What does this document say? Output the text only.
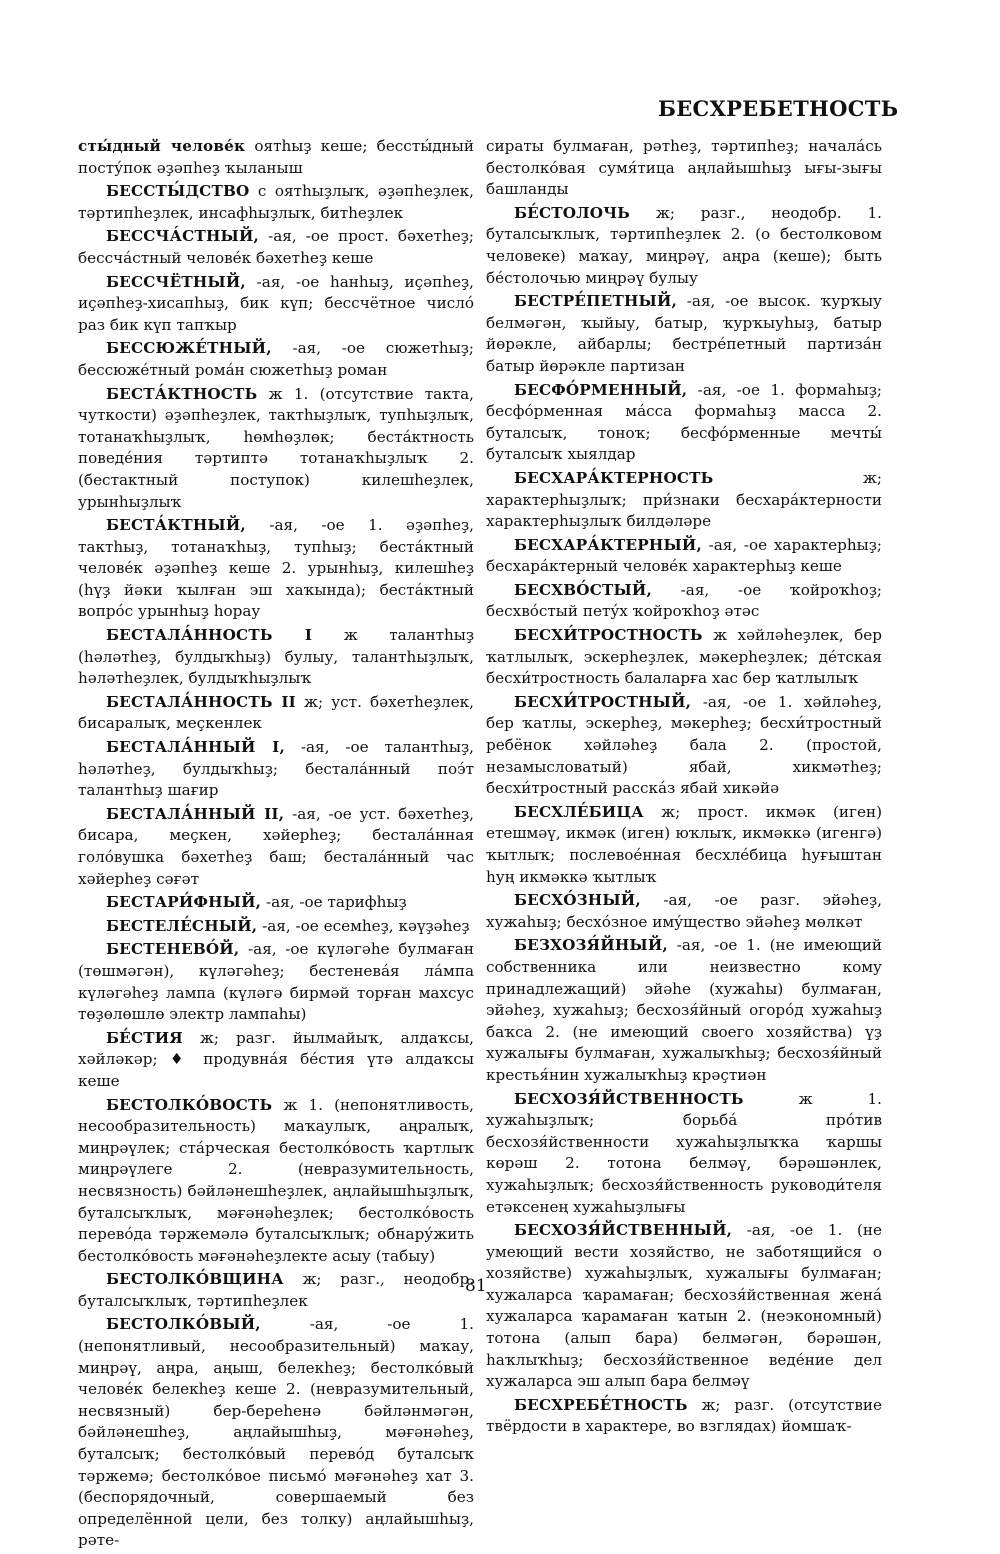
БЕСХРЕБЕТНОСТЬ

сты́дный челове́к оятһыҙ кеше; бессты́дный посту́пок әҙәпһеҙ ҡыланыш

БЕССТЫ́ДСТВО с оятһыҙлыҡ, әҙәпһеҙлек, тәртипһеҙлек, инсафһыҙлыҡ, битһеҙлек

БЕССЧА́СТНЫЙ, -ая, -ое прост. бәхетһеҙ; бессча́стный челове́к бәхетһеҙ кеше

БЕССЧЁТНЫЙ, -ая, -ое һанһыҙ, иҫәпһеҙ, иҫәпһеҙ-хисапһыҙ, бик күп; бессчётное число́ раз бик күп тапҡыр

БЕССЮЖЕ́ТНЫЙ, -ая, -ое сюжетһыҙ; бессюже́тный рома́н сюжетһыҙ роман

БЕСТА́КТНОСТЬ ж 1. (отсутствие такта, чуткости) әҙәпһеҙлек, тактһыҙлыҡ, тупһыҙлыҡ, тотанаҡһыҙлыҡ, һөмһөҙлөк; беста́ктность поведе́ния тәртиптә тотанаҡһыҙлыҡ 2. (бестактный поступок) килешһеҙлек, урынһыҙлыҡ

БЕСТА́КТНЫЙ, -ая, -ое 1. әҙәпһеҙ, тактһыҙ, тотанаҡһыҙ, тупһыҙ; беста́ктный челове́к әҙәпһеҙ кеше 2. урынһыҙ, килешһеҙ (һүҙ йәки ҡылған эш хаҡында); беста́ктный вопро́с урынһыҙ һорау

БЕСТАЛА́ННОСТЬ I ж талантһыҙ (һәләтһеҙ, булдыҡһыҙ) булыу, талантһыҙлыҡ, һәләтһеҙлек, булдыҡһыҙлыҡ

БЕСТАЛА́ННОСТЬ II ж; уст. бәхетһеҙлек, бисаралыҡ, меҫкенлек

БЕСТАЛА́ННЫЙ I, -ая, -ое талантһыҙ, һәләтһеҙ, булдыҡһыҙ; бестала́нный поэ́т талантһыҙ шағир

БЕСТАЛА́ННЫЙ II, -ая, -ое уст. бәхетһеҙ, бисара, меҫкен, хәйерһеҙ; бестала́нная голо́вушка бәхетһеҙ баш; бестала́нный час хәйерһеҙ сәғәт

БЕСТАРИ́ФНЫЙ, -ая, -ое тарифһыҙ

БЕСТЕЛЕ́СНЫЙ, -ая, -ое есемһеҙ, кәүҙәһеҙ

БЕСТЕНЕВО́Й, -ая, -ое күләгәһе булмаған (төшмәгән), күләгәһеҙ; бестенева́я ла́мпа күләгәһеҙ лампа (күләгә бирмәй торған махсус төҙөлөшлө электр лампаһы)

БЕ́СТИЯ ж; разг. йылмайыҡ, алдаҡсы, хәйләкәр; ♦ продувна́я бе́стия үтә алдаҡсы кеше

БЕСТОЛКО́ВОСТЬ ж 1. (непонятливость, несообразительность) маҡаулыҡ, аңралыҡ, миңрәүлек; ста́рческая бестолко́вость ҡартлыҡ миңрәүлеге 2. (невразумительность, несвязность) бәйләнешһеҙлек, аңлайышһыҙлыҡ, буталсыҡлыҡ, мәғәнәһеҙлек; бестолко́вость перево́да тәржемәлә буталсыҡлыҡ; обнару́жить бестолко́вость мәғәнәһеҙлекте асыу (табыу)

БЕСТОЛКО́ВЩИНА ж; разг., неодобр. буталсыҡлыҡ, тәртипһеҙлек

БЕСТОЛКО́ВЫЙ, -ая, -ое 1. (непонятливый, несообразительный) маҡау, миңрәү, аңра, аңыш, белекһеҙ; бестолко́вый челове́к белекһеҙ кеше 2. (невразумительный, несвязный) бер-береһенә бәйләнмәгән, бәйләнешһеҙ, аңлайышһыҙ, мәғәнәһеҙ, буталсыҡ; бестолко́вый перево́д буталсыҡ тәржемә; бестолко́вое письмо́ мәғәнәһеҙ хат 3. (беспорядочный, совершаемый без определённой цели, без толку) аңлайышһыҙ, рәте-

сираты булмаған, рәтһеҙ, тәртипһеҙ; начала́сь бестолко́вая сумя́тица аңлайышһыҙ ығы-зығы башланды

БЕ́СТОЛОЧЬ ж; разг., неодобр. 1. буталсыҡлыҡ, тәртипһеҙлек 2. (о бестолковом человеке) маҡау, миңрәү, аңра (кеше); быть бе́столочью миңрәү булыу

БЕСТРЕ́ПЕТНЫЙ, -ая, -ое высок. ҡурҡыу белмәгән, ҡыйыу, батыр, ҡурҡыуһыҙ, батыр йөрәкле, айбарлы; бестре́петный партиза́н батыр йөрәкле партизан

БЕСФО́РМЕННЫЙ, -ая, -ое 1. формаһыҙ; бесфо́рменная ма́сса формаһыҙ масса 2. буталсыҡ, тоноҡ; бесфо́рменные мечты́ буталсыҡ хыялдар

БЕСХАРА́КТЕРНОСТЬ ж; характерһыҙлыҡ; при́знаки бесхара́ктерности характерһыҙлыҡ билдәләре

БЕСХАРА́КТЕРНЫЙ, -ая, -ое характерһыҙ; бесхара́ктерный челове́к характерһыҙ кеше

БЕСХВО́СТЫЙ, -ая, -ое ҡойроҡһоҙ; бесхво́стый пету́х ҡойроҡһоҙ әтәс

БЕСХИ́ТРОСТНОСТЬ ж хәйләһеҙлек, бер ҡатлылыҡ, эскерһеҙлек, мәкерһеҙлек; де́тская бесхи́тростность балаларға хас бер ҡатлылыҡ

БЕСХИ́ТРОСТНЫЙ, -ая, -ое 1. хәйләһеҙ, бер ҡатлы, эскерһеҙ, мәкерһеҙ; бесхи́тростный ребёнок хәйләһеҙ бала 2. (простой, незамысловатый) ябай, хикмәтһеҙ; бесхи́тростный расска́з ябай хикәйә

БЕСХЛЕ́БИЦА ж; прост. икмәк (иген) етешмәү, икмәк (иген) юҡлыҡ, икмәккә (игенгә) ҡытлыҡ; послевое́нная бесхле́бица һуғыштан һуң икмәккә ҡытлыҡ

БЕСХО́ЗНЫЙ, -ая, -ое разг. эйәһеҙ, хужаһыҙ; бесхо́зное иму́щество эйәһеҙ мөлкәт

БЕЗХОЗЯ́ЙНЫЙ, -ая, -ое 1. (не имеющий собственника или неизвестно кому принадлежащий) эйәһе (хужаһы) булмаған, эйәһеҙ, хужаһыҙ; бесхозя́йный огоро́д хужаһыҙ баҡса 2. (не имеющий своего хозяйства) үҙ хужалығы булмаған, хужалыҡһыҙ; бесхозя́йный крестья́нин хужалыҡһыҙ крәҫтиән

БЕСХОЗЯ́ЙСТВЕННОСТЬ ж 1. хужаһыҙлыҡ; борьба́ про́тив бесхозя́йственности хужаһыҙлыҡҡа ҡаршы көрәш 2. тотона белмәү, бәрәшәнлек, хужаһыҙлыҡ; бесхозя́йственность руководи́теля етәксенең хужаһыҙлығы

БЕСХОЗЯ́ЙСТВЕННЫЙ, -ая, -ое 1. (не умеющий вести хозяйство, не заботящийся о хозяйстве) хужаһыҙлыҡ, хужалығы булмаған; хужаларса ҡарамаған; бесхозя́йственная жена́ хужаларса ҡарамаған ҡатын 2. (неэкономный) тотона (алып бара) белмәгән, бәрәшән, һаҡлыҡһыҙ; бесхозя́йственное веде́ние дел хужаларса эш алып бара белмәү

БЕСХРЕБЕ́ТНОСТЬ ж; разг. (отсутствие твёрдости в характере, во взглядах) йомшаҡ-

81
